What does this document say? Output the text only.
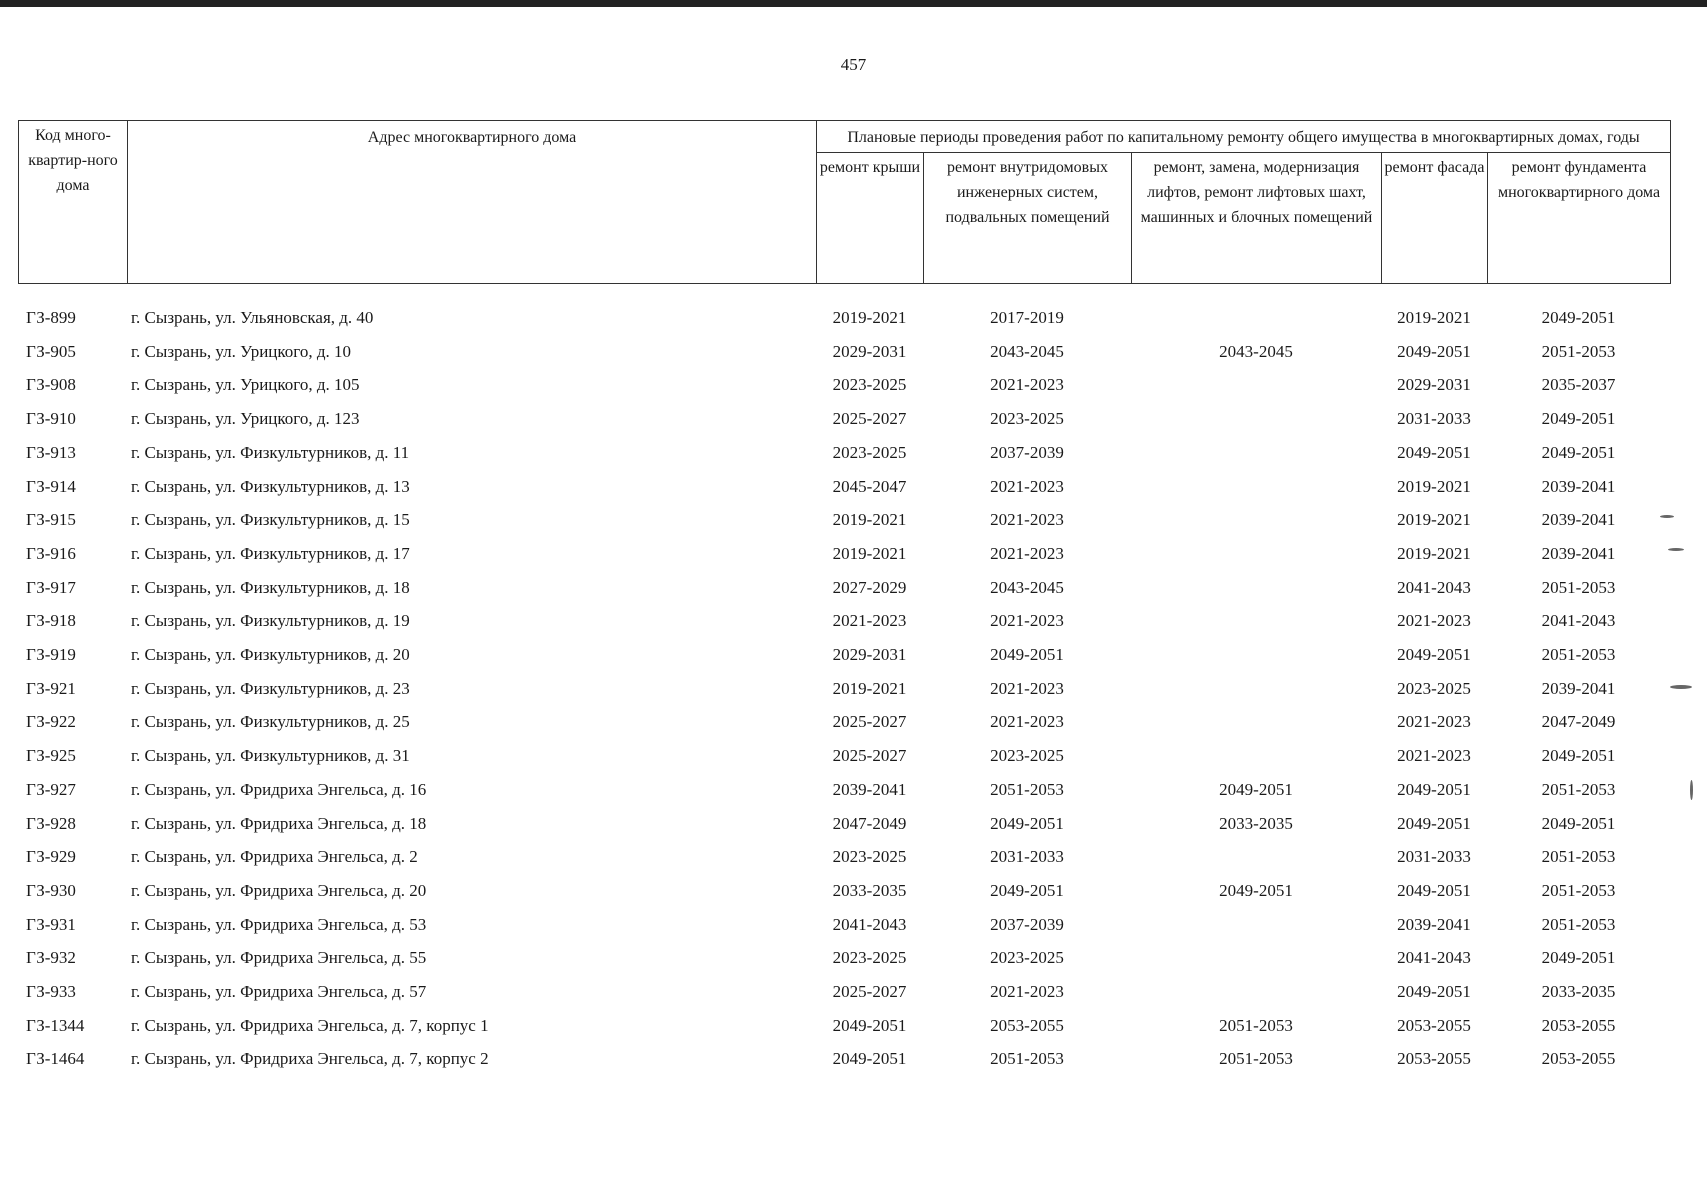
457
Код много-квартир-ного дома	Адрес многоквартирного дома	Плановые периоды проведения работ по капитальному ремонту общего имущества в многоквартирных домах, годы				
		ремонт крыши	ремонт внутридомовых инженерных систем, подвальных помещений	ремонт, замена, модернизация лифтов, ремонт лифтовых шахт, машинных и блочных помещений	ремонт фасада	ремонт фундамента многоквартирного дома
ГЗ-899	г. Сызрань, ул. Ульяновская, д. 40	2019-2021	2017-2019		2019-2021	2049-2051
ГЗ-905	г. Сызрань, ул. Урицкого, д. 10	2029-2031	2043-2045	2043-2045	2049-2051	2051-2053
ГЗ-908	г. Сызрань, ул. Урицкого, д. 105	2023-2025	2021-2023		2029-2031	2035-2037
ГЗ-910	г. Сызрань, ул. Урицкого, д. 123	2025-2027	2023-2025		2031-2033	2049-2051
ГЗ-913	г. Сызрань, ул. Физкультурников, д. 11	2023-2025	2037-2039		2049-2051	2049-2051
ГЗ-914	г. Сызрань, ул. Физкультурников, д. 13	2045-2047	2021-2023		2019-2021	2039-2041
ГЗ-915	г. Сызрань, ул. Физкультурников, д. 15	2019-2021	2021-2023		2019-2021	2039-2041
ГЗ-916	г. Сызрань, ул. Физкультурников, д. 17	2019-2021	2021-2023		2019-2021	2039-2041
ГЗ-917	г. Сызрань, ул. Физкультурников, д. 18	2027-2029	2043-2045		2041-2043	2051-2053
ГЗ-918	г. Сызрань, ул. Физкультурников, д. 19	2021-2023	2021-2023		2021-2023	2041-2043
ГЗ-919	г. Сызрань, ул. Физкультурников, д. 20	2029-2031	2049-2051		2049-2051	2051-2053
ГЗ-921	г. Сызрань, ул. Физкультурников, д. 23	2019-2021	2021-2023		2023-2025	2039-2041
ГЗ-922	г. Сызрань, ул. Физкультурников, д. 25	2025-2027	2021-2023		2021-2023	2047-2049
ГЗ-925	г. Сызрань, ул. Физкультурников, д. 31	2025-2027	2023-2025		2021-2023	2049-2051
ГЗ-927	г. Сызрань, ул. Фридриха Энгельса, д. 16	2039-2041	2051-2053	2049-2051	2049-2051	2051-2053
ГЗ-928	г. Сызрань, ул. Фридриха Энгельса, д. 18	2047-2049	2049-2051	2033-2035	2049-2051	2049-2051
ГЗ-929	г. Сызрань, ул. Фридриха Энгельса, д. 2	2023-2025	2031-2033		2031-2033	2051-2053
ГЗ-930	г. Сызрань, ул. Фридриха Энгельса, д. 20	2033-2035	2049-2051	2049-2051	2049-2051	2051-2053
ГЗ-931	г. Сызрань, ул. Фридриха Энгельса, д. 53	2041-2043	2037-2039		2039-2041	2051-2053
ГЗ-932	г. Сызрань, ул. Фридриха Энгельса, д. 55	2023-2025	2023-2025		2041-2043	2049-2051
ГЗ-933	г. Сызрань, ул. Фридриха Энгельса, д. 57	2025-2027	2021-2023		2049-2051	2033-2035
ГЗ-1344	г. Сызрань, ул. Фридриха Энгельса, д. 7, корпус 1	2049-2051	2053-2055	2051-2053	2053-2055	2053-2055
ГЗ-1464	г. Сызрань, ул. Фридриха Энгельса, д. 7, корпус 2	2049-2051	2051-2053	2051-2053	2053-2055	2053-2055
